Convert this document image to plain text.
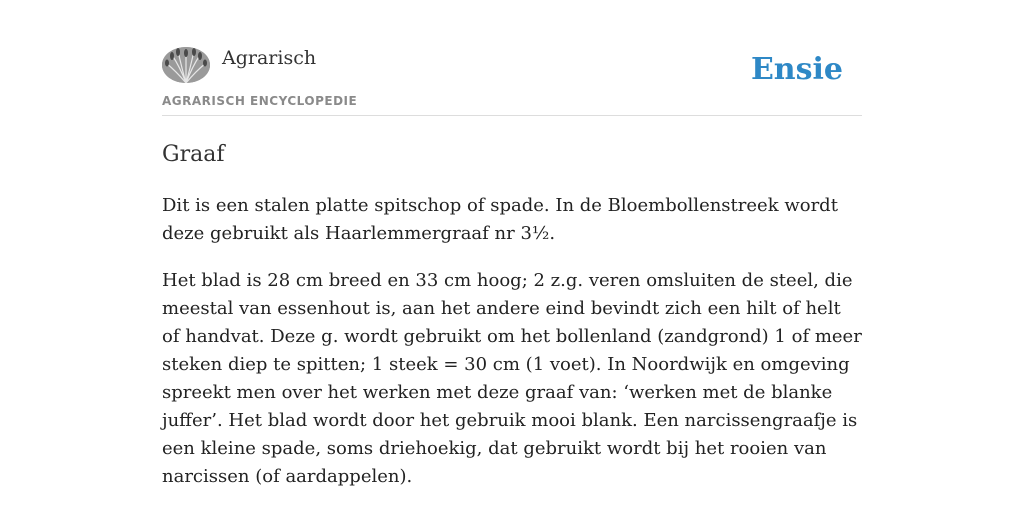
Agrarisch
AGRARISCH ENCYCLOPEDIE
Ensie
Graaf

Dit is een stalen platte spitschop of spade. In de Bloembollenstreek wordt deze gebruikt als Haarlemmergraaf nr 3½.

Het blad is 28 cm breed en 33 cm hoog; 2 z.g. veren omsluiten de steel, die meestal van essenhout is, aan het andere eind bevindt zich een hilt of helt of handvat. Deze g. wordt gebruikt om het bollenland (zandgrond) 1 of meer steken diep te spitten; 1 steek = 30 cm (1 voet). In Noordwijk en omgeving spreekt men over het werken met deze graaf van: ‘werken met de blanke juffer’. Het blad wordt door het gebruik mooi blank. Een narcissengraafje is een kleine spade, soms driehoekig, dat gebruikt wordt bij het rooien van narcissen (of aardappelen).
